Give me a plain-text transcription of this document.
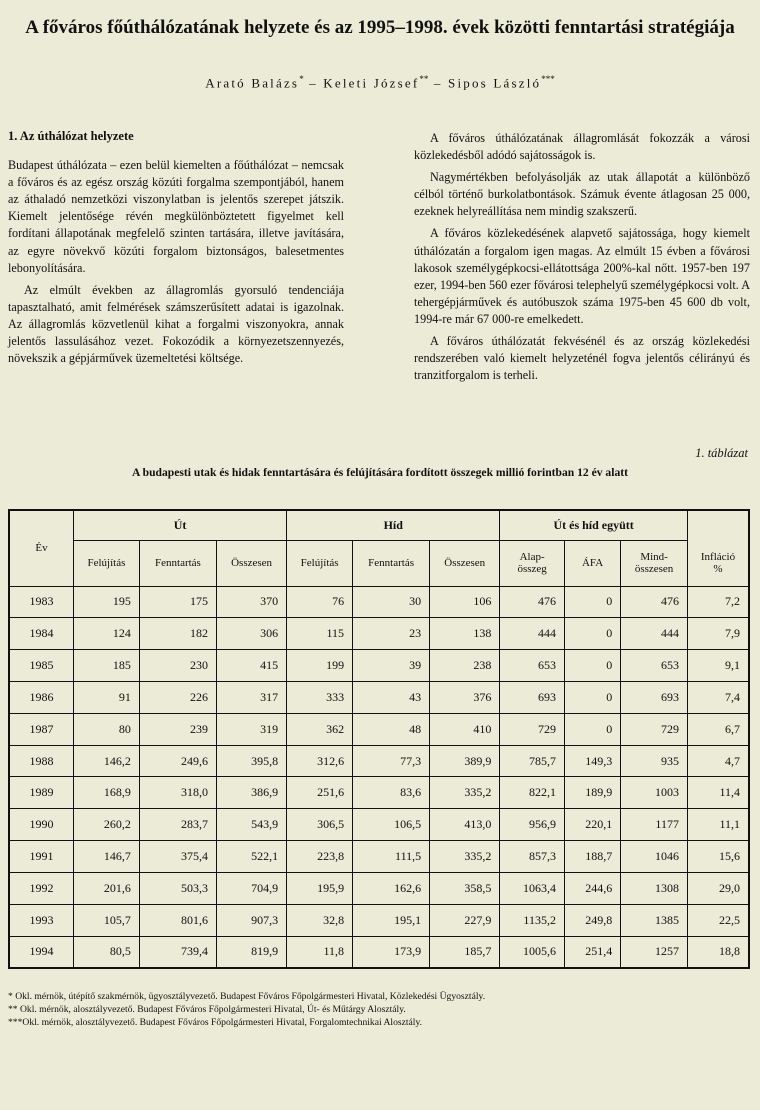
A főváros főúthálózatának helyzete és az 1995–1998. évek közötti fenntartási stratégiája
Arató Balázs* – Keleti József** – Sipos László***
1. Az úthálózat helyzete

Budapest úthálózata – ezen belül kiemelten a főúthálózat – nemcsak a főváros és az egész ország közúti forgalma szempontjából, hanem az áthaladó nemzetközi viszonylatban is jelentős szerepet játszik. Kiemelt jelentősége révén megkülönböztetett figyelmet kell fordítani állapotának megfelelő szinten tartására, illetve javítására, az egyre növekvő közúti forgalom biztonságos, balesetmentes lebonyolítására.

Az elmúlt években az állagromlás gyorsuló tendenciája tapasztalható, amit felmérések számszerűsített adatai is igazolnak. Az állagromlás közvetlenül kihat a forgalmi viszonyokra, annak jelentős lassulásához vezet. Fokozódik a környezetszennyezés, növekszik a gépjárművek üzemeltetési költsége.

A főváros úthálózatának állagromlását fokozzák a városi közlekedésből adódó sajátosságok is.

Nagymértékben befolyásolják az utak állapotát a különböző célból történő burkolatbontások. Számuk évente átlagosan 25 000, ezeknek helyreállítása nem mindig szakszerű.

A főváros közlekedésének alapvető sajátossága, hogy kiemelt úthálózatán a forgalom igen magas. Az elmúlt 15 évben a fővárosi lakosok személygépkocsi-ellátottsága 200%-kal nőtt. 1957-ben 197 ezer, 1994-ben 560 ezer fővárosi telephelyű személygépkocsi volt. A tehergépjárművek és autóbuszok száma 1975-ben 45 600 db volt, 1994-re már 67 000-re emelkedett.

A főváros úthálózatát fekvésénél és az ország közlekedési rendszerében való kiemelt helyzeténél fogva jelentős célirányú és tranzitforgalom is terheli.

1. táblázat
A budapesti utak és hidak fenntartására és felújítására fordított összegek millió forintban 12 év alatt
Év	Út			Híd			Út és híd együtt			
	Felújítás	Fenntartás	Összesen	Felújítás	Fenntartás	Összesen	Alap-
összeg	ÁFA	Mind-
összesen	Infláció
%
1983	195	175	370	76	30	106	476	0	476	7,2
1984	124	182	306	115	23	138	444	0	444	7,9
1985	185	230	415	199	39	238	653	0	653	9,1
1986	91	226	317	333	43	376	693	0	693	7,4
1987	80	239	319	362	48	410	729	0	729	6,7
1988	146,2	249,6	395,8	312,6	77,3	389,9	785,7	149,3	935	4,7
1989	168,9	318,0	386,9	251,6	83,6	335,2	822,1	189,9	1003	11,4
1990	260,2	283,7	543,9	306,5	106,5	413,0	956,9	220,1	1177	11,1
1991	146,7	375,4	522,1	223,8	111,5	335,2	857,3	188,7	1046	15,6
1992	201,6	503,3	704,9	195,9	162,6	358,5	1063,4	244,6	1308	29,0
1993	105,7	801,6	907,3	32,8	195,1	227,9	1135,2	249,8	1385	22,5
1994	80,5	739,4	819,9	11,8	173,9	185,7	1005,6	251,4	1257	18,8
* Okl. mérnök, útépítő szakmérnök, ügyosztályvezető. Budapest Főváros Főpolgármesteri Hivatal, Közlekedési Ügyosztály.
** Okl. mérnök, alosztályvezető. Budapest Főváros Főpolgármesteri Hivatal, Út- és Műtárgy Alosztály.
***Okl. mérnök, alosztályvezető. Budapest Főváros Főpolgármesteri Hivatal, Forgalomtechnikai Alosztály.
